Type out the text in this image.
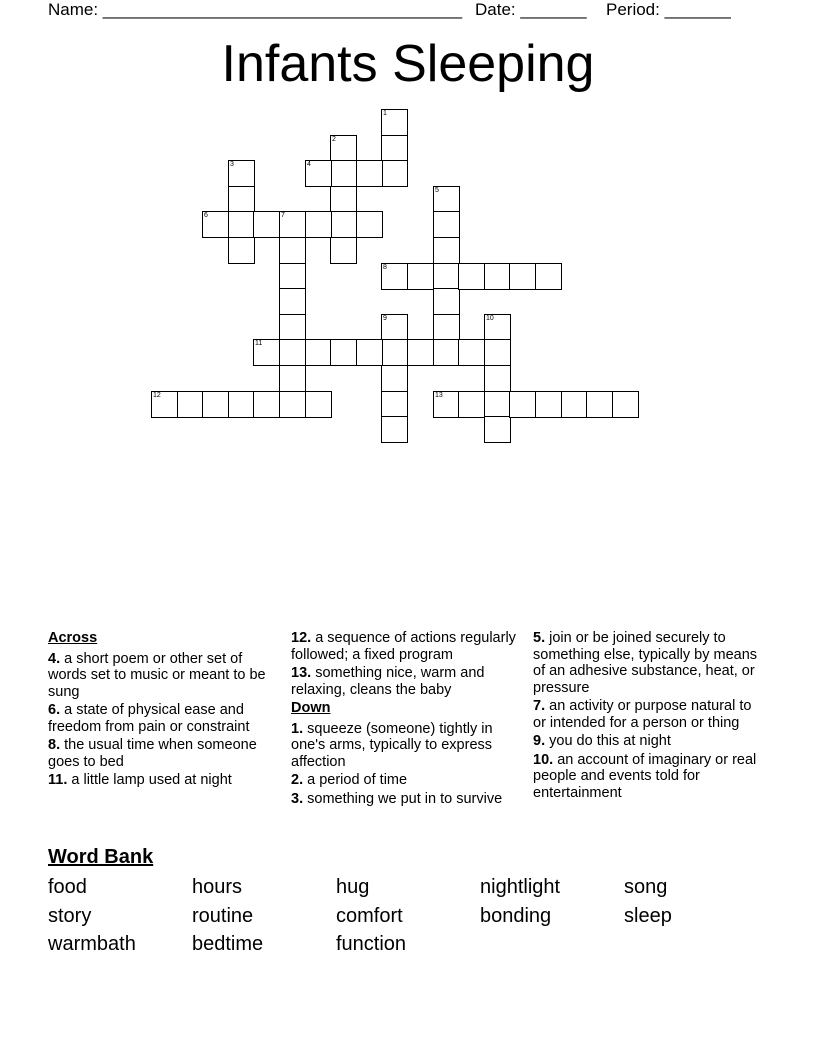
Name: ______________________________________ Date: _______ Period: _______
Infants Sleeping
1
2
3	4
5
6	7
8
9	10
11
12	13
Across
4. a short poem or other set of words set to music or meant to be sung
6. a state of physical ease and freedom from pain or constraint
8. the usual time when someone goes to bed
11. a little lamp used at night
12. a sequence of actions regularly followed; a fixed program
13. something nice, warm and relaxing, cleans the baby
Down
1. squeeze (someone) tightly in one's arms, typically to express affection
2. a period of time
3. something we put in to survive
5. join or be joined securely to something else, typically by means of an adhesive substance, heat, or pressure
7. an activity or purpose natural to or intended for a person or thing
9. you do this at night
10. an account of imaginary or real people and events told for entertainment
Word Bank
food	hours	hug	nightlight	song
story	routine	comfort	bonding	sleep
warmbath	bedtime	function
